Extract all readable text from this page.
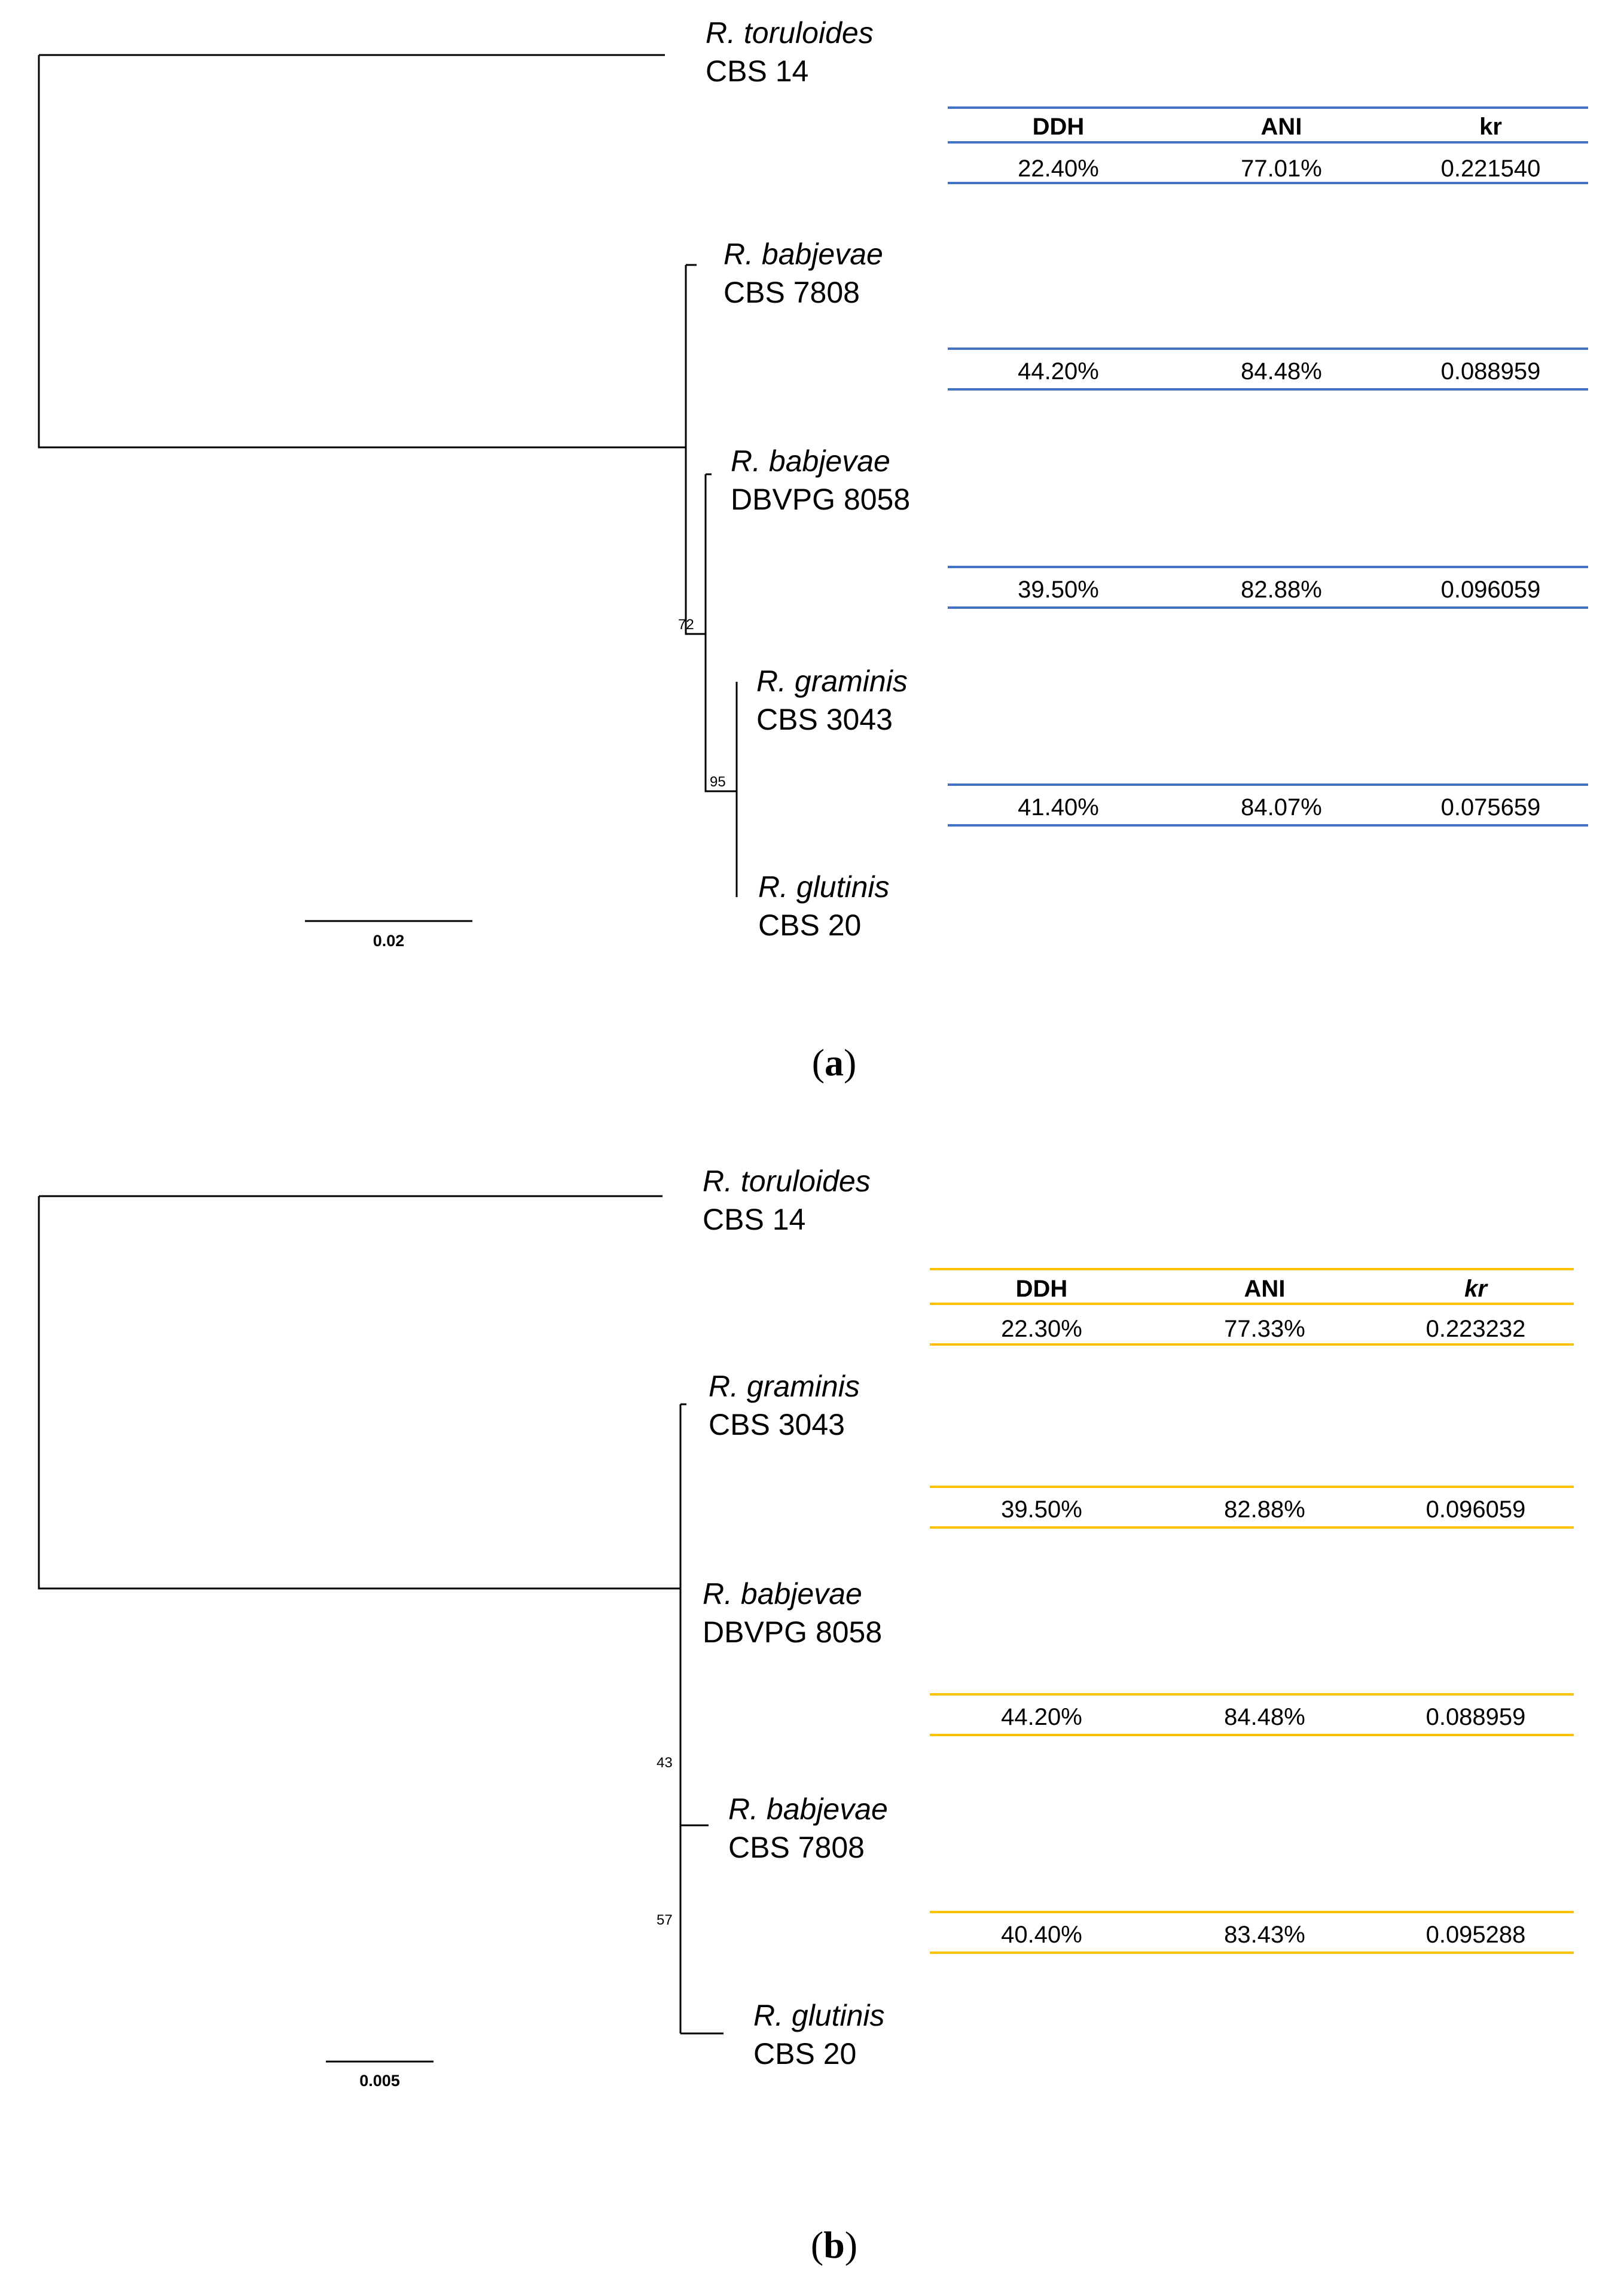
72
95
0.02
R. toruloides
CBS 14
R. babjevae
CBS 7808
R. babjevae
DBVPG 8058
R. graminis
CBS 3043
R. glutinis
CBS 20
DDH	ANI	kr
22.40%	77.01%	0.221540
44.20%	84.48%	0.088959
39.50%	82.88%	0.096059
41.40%	84.07%	0.075659
(a)
43
57
0.005
R. toruloides
CBS 14
R. graminis
CBS 3043
R. babjevae
DBVPG 8058
R. babjevae
CBS 7808
R. glutinis
CBS 20
DDH	ANI	kr
22.30%	77.33%	0.223232
39.50%	82.88%	0.096059
44.20%	84.48%	0.088959
40.40%	83.43%	0.095288
(b)
